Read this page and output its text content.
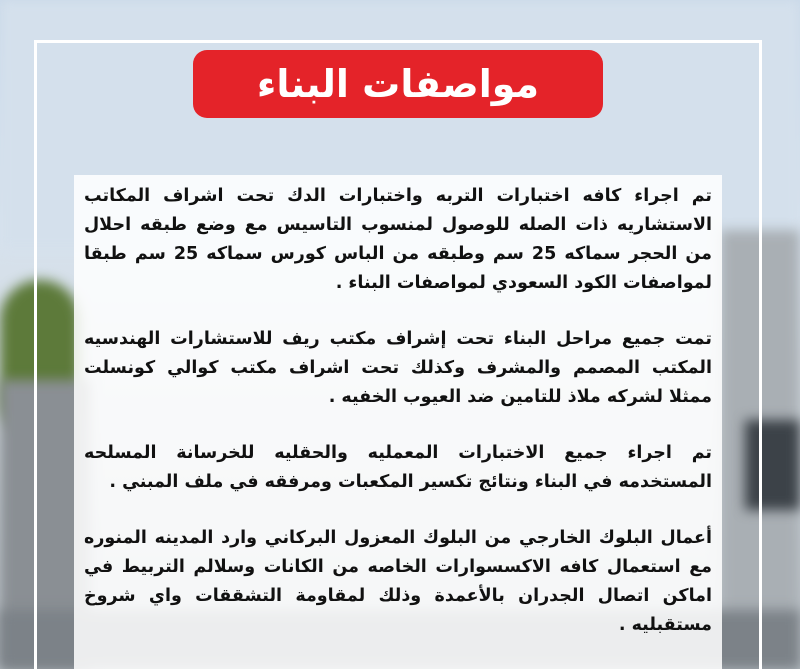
مواصفات البناء

تم اجراء كافه اختبارات التربه واختبارات الدك تحت اشراف المكاتب الاستشاريه ذات الصله للوصول لمنسوب التاسيس مع وضع طبقه احلال من الحجر سماكه 25 سم وطبقه من الباس كورس سماكه 25 سم طبقا لمواصفات الكود السعودي لمواصفات البناء .

تمت جميع مراحل البناء تحت إشراف مكتب ريف للاستشارات الهندسيه المكتب المصمم والمشرف وكذلك تحت اشراف مكتب كوالي كونسلت ممثلا لشركه ملاذ للتامين ضد العيوب الخفيه .

تم اجراء جميع الاختبارات المعمليه والحقليه للخرسانة المسلحه المستخدمه في البناء ونتائج تكسير المكعبات ومرفقه في ملف المبني .

أعمال البلوك الخارجي من البلوك المعزول البركاني وارد المدينه المنوره مع استعمال كافه الاكسسوارات الخاصه من الكانات وسلالم التربيط في اماكن اتصال الجدران بالأعمدة وذلك لمقاومة التشققات واي شروخ مستقبليه .
